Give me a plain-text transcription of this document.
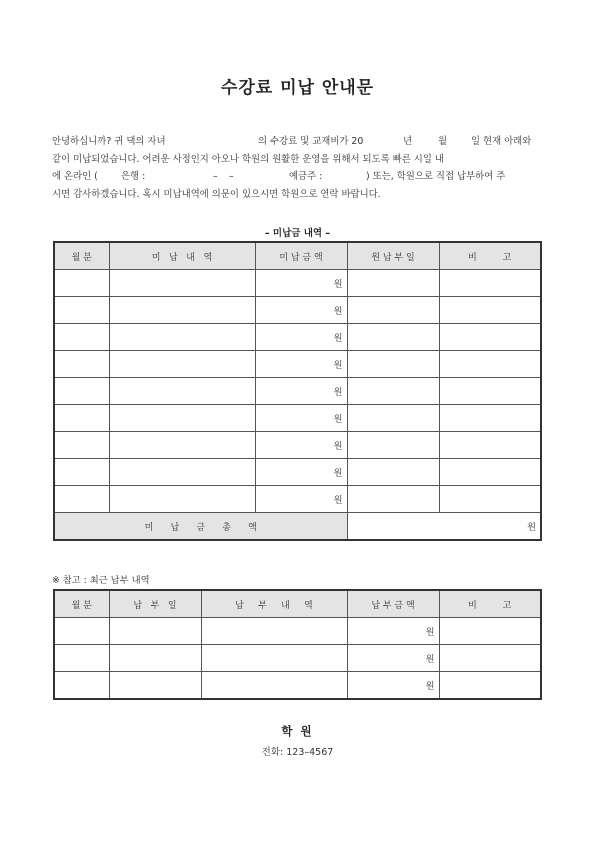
수강료 미납 안내문
안녕하십니까? 귀 댁의 자녀	의 수강료 및 교재비가 20	년	월	일 현재 아래와
같이 미납되었습니다. 어려운 사정인지 아오나 학원의 원활한 운영을 위해서 되도록 빠른 시일 내
에 온라인 ( 은행 :	– –	예금주 :	) 또는, 학원으로 직접 납부하여 주
시면 감사하겠습니다. 혹시 미납내역에 의문이 있으시면 학원으로 연락 바랍니다.
– 미납금 내역 –
월 분	미   납   내   역	미 납 금 액	원 납 부 일	비         고
		원		
		원		
		원		
		원		
		원		
		원		
		원		
		원		
		원		
미      납      금      총      액			원	
※ 참고 : 최근 납부 내역
월 분	납   부   일	납     부     내     역	납 부 금 액	비         고
			원	
			원	
			원	
학 원
전화: 123–4567
